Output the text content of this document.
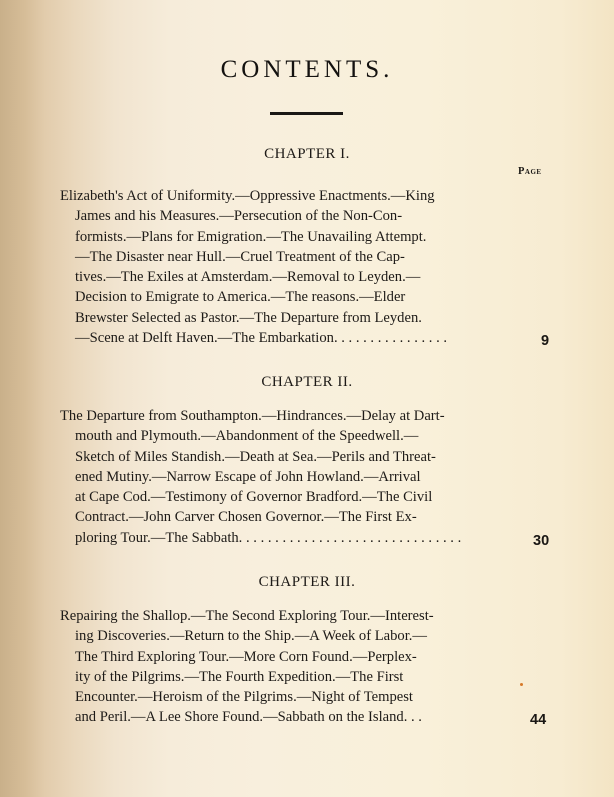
CONTENTS.
CHAPTER I.
Page
Elizabeth's Act of Uniformity.—Oppressive Enactments.—King
James and his Measures.—Persecution of the Non-Con-
formists.—Plans for Emigration.—The Unavailing Attempt.
—The Disaster near Hull.—Cruel Treatment of the Cap-
tives.—The Exiles at Amsterdam.—Removal to Leyden.—
Decision to Emigrate to America.—The reasons.—Elder
Brewster Selected as Pastor.—The Departure from Leyden.
—Scene at Delft Haven.—The Embarkation. . . . . . . . . . . . . . . .	9
CHAPTER II.
The Departure from Southampton.—Hindrances.—Delay at Dart-
mouth and Plymouth.—Abandonment of the Speedwell.—
Sketch of Miles Standish.—Death at Sea.—Perils and Threat-
ened Mutiny.—Narrow Escape of John Howland.—Arrival
at Cape Cod.—Testimony of Governor Bradford.—The Civil
Contract.—John Carver Chosen Governor.—The First Ex-
ploring Tour.—The Sabbath. . . . . . . . . . . . . . . . . . . . . . . . . . . . . . .	30
CHAPTER III.
Repairing the Shallop.—The Second Exploring Tour.—Interest-
ing Discoveries.—Return to the Ship.—A Week of Labor.—
The Third Exploring Tour.—More Corn Found.—Perplex-
ity of the Pilgrims.—The Fourth Expedition.—The First
Encounter.—Heroism of the Pilgrims.—Night of Tempest
and Peril.—A Lee Shore Found.—Sabbath on the Island. . .	44
